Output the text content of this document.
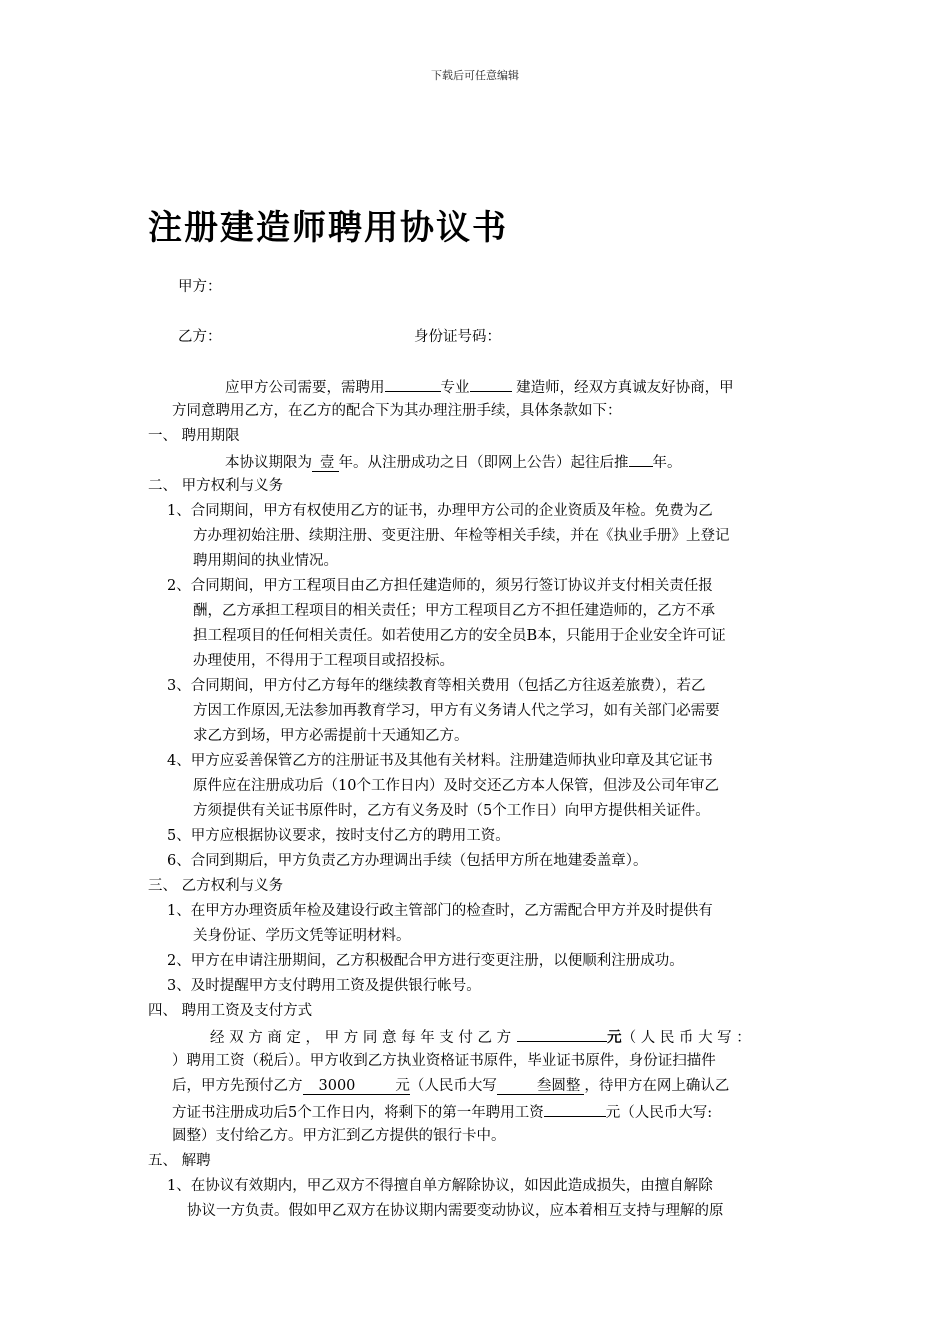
下载后可任意编辑
注册建造师聘用协议书
甲方：
乙方：	身份证号码：
应甲方公司需要，需聘用	专业	建造师，经双方真诚友好协商，甲
方同意聘用乙方，在乙方的配合下为其办理注册手续，具体条款如下：
一、 聘用期限
本协议期限为 壹 年。从注册成功之日（即网上公告）起往后推 年。
二、 甲方权利与义务
1、合同期间，甲方有权使用乙方的证书，办理甲方公司的企业资质及年检。免费为乙
方办理初始注册、续期注册、变更注册、年检等相关手续，并在《执业手册》上登记
聘用期间的执业情况。
2、合同期间，甲方工程项目由乙方担任建造师的，须另行签订协议并支付相关责任报
酬，乙方承担工程项目的相关责任；甲方工程项目乙方不担任建造师的，乙方不承
担工程项目的任何相关责任。如若使用乙方的安全员B本，只能用于企业安全许可证
办理使用，不得用于工程项目或招投标。
3、合同期间，甲方付乙方每年的继续教育等相关费用（包括乙方往返差旅费），若乙
方因工作原因,无法参加再教育学习，甲方有义务请人代之学习，如有关部门必需要
求乙方到场，甲方必需提前十天通知乙方。
4、甲方应妥善保管乙方的注册证书及其他有关材料。注册建造师执业印章及其它证书
原件应在注册成功后（10个工作日内）及时交还乙方本人保管，但涉及公司年审乙
方须提供有关证书原件时，乙方有义务及时（5个工作日）向甲方提供相关证件。
5、甲方应根据协议要求，按时支付乙方的聘用工资。
6、合同到期后，甲方负责乙方办理调出手续（包括甲方所在地建委盖章）。
三、 乙方权利与义务
1、在甲方办理资质年检及建设行政主管部门的检查时，乙方需配合甲方并及时提供有
关身份证、学历文凭等证明材料。
2、甲方在申请注册期间，乙方积极配合甲方进行变更注册，以便顺利注册成功。
3、及时提醒甲方支付聘用工资及提供银行帐号。
四、 聘用工资及支付方式
经 双 方 商 定 ， 甲 方 同 意 每 年 支 付 乙 方	元（ 人 民 币 大 写 ：
）聘用工资（税后）。甲方收到乙方执业资格证书原件，毕业证书原件，身份证扫描件
后，甲方先预付乙方 3000	元（人民币大写	叁圆整 ，待甲方在网上确认乙
方证书注册成功后5个工作日内，将剩下的第一年聘用工资	元（人民币大写:
圆整）支付给乙方。甲方汇到乙方提供的银行卡中。
五、 解聘
1、在协议有效期内，甲乙双方不得擅自单方解除协议，如因此造成损失，由擅自解除
协议一方负责。假如甲乙双方在协议期内需要变动协议，应本着相互支持与理解的原
